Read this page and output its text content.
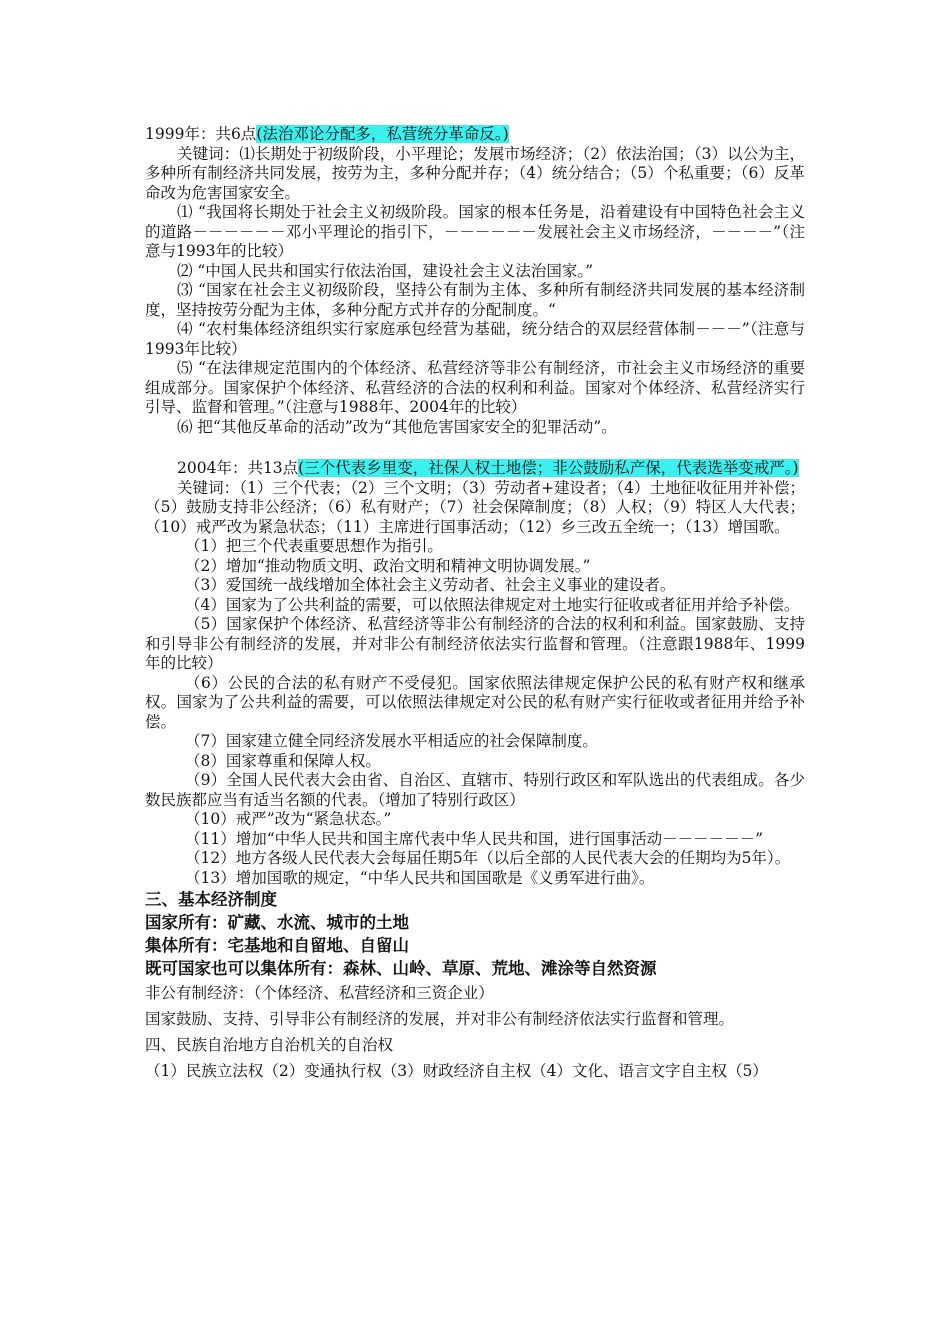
1999年：共6点(法治邓论分配多，私营统分革命反。)

关键词：⑴长期处于初级阶段，小平理论；发展市场经济；（2）依法治国；（3）以公为主，多种所有制经济共同发展，按劳为主，多种分配并存；（4）统分结合；（5）个私重要；（6）反革命改为危害国家安全。

⑴ “我国将长期处于社会主义初级阶段。国家的根本任务是，沿着建设有中国特色社会主义的道路－－－－－－邓小平理论的指引下，－－－－－－发展社会主义市场经济，－－－－”（注意与1993年的比较）

⑵ “中国人民共和国实行依法治国，建设社会主义法治国家。”

⑶ “国家在社会主义初级阶段，坚持公有制为主体、多种所有制经济共同发展的基本经济制度，坚持按劳分配为主体，多种分配方式并存的分配制度。“

⑷ “农村集体经济组织实行家庭承包经营为基础，统分结合的双层经营体制－－－”（注意与1993年比较）

⑸ “在法律规定范围内的个体经济、私营经济等非公有制经济，市社会主义市场经济的重要组成部分。国家保护个体经济、私营经济的合法的权利和利益。国家对个体经济、私营经济实行引导、监督和管理。”（注意与1988年、2004年的比较）

⑹ 把“其他反革命的活动”改为“其他危害国家安全的犯罪活动”。

2004年：共13点(三个代表乡里变，社保人权土地偿；非公鼓励私产保，代表选举变戒严。)

关键词：（1）三个代表；（2）三个文明；（3）劳动者+建设者；（4）土地征收征用并补偿；（5）鼓励支持非公经济；（6）私有财产；（7）社会保障制度；（8）人权；（9）特区人大代表；（10）戒严改为紧急状态；（11）主席进行国事活动；（12）乡三改五全统一；（13）增国歌。

（1）把三个代表重要思想作为指引。

（2）增加“推动物质文明、政治文明和精神文明协调发展。”

（3）爱国统一战线增加全体社会主义劳动者、社会主义事业的建设者。

（4）国家为了公共利益的需要，可以依照法律规定对土地实行征收或者征用并给予补偿。

（5）国家保护个体经济、私营经济等非公有制经济的合法的权利和利益。国家鼓励、支持和引导非公有制经济的发展，并对非公有制经济依法实行监督和管理。（注意跟1988年、1999年的比较）

（6）公民的合法的私有财产不受侵犯。国家依照法律规定保护公民的私有财产权和继承权。国家为了公共利益的需要，可以依照法律规定对公民的私有财产实行征收或者征用并给予补偿。

（7）国家建立健全同经济发展水平相适应的社会保障制度。

（8）国家尊重和保障人权。

（9）全国人民代表大会由省、自治区、直辖市、特别行政区和军队选出的代表组成。各少数民族都应当有适当名额的代表。（增加了特别行政区）

（10）戒严”改为“紧急状态。”

（11）增加“中华人民共和国主席代表中华人民共和国，进行国事活动－－－－－－”

（12）地方各级人民代表大会每届任期5年（以后全部的人民代表大会的任期均为5年）。

（13）增加国歌的规定，“中华人民共和国国歌是《义勇军进行曲》。

三、基本经济制度

国家所有：矿藏、水流、城市的土地

集体所有：宅基地和自留地、自留山

既可国家也可以集体所有：森林、山岭、草原、荒地、滩涂等自然资源

非公有制经济：（个体经济、私营经济和三资企业）

国家鼓励、支持、引导非公有制经济的发展，并对非公有制经济依法实行监督和管理。

四、民族自治地方自治机关的自治权

（1）民族立法权（2）变通执行权（3）财政经济自主权（4）文化、语言文字自主权（5）
